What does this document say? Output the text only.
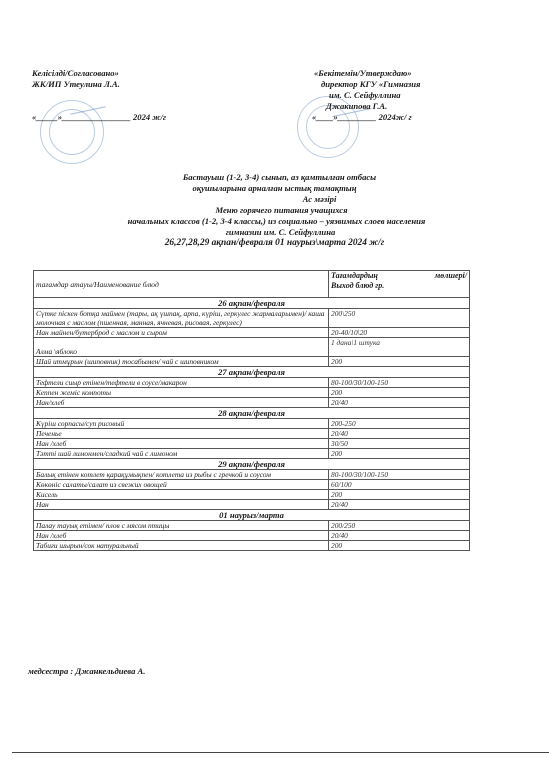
Келісілді/Согласовано»
ЖК/ИП Утеулина Л.А.
«_____»________________ 2024 ж/г
«Бекітемін/Утверждаю»
директор КГУ «Гимназия
им. С. Сейфуллина
Джакипова Г.А.
«____»_________ 2024ж/ г
Бастауыш (1-2, 3-4) сынып, аз қамтылған отбасы
оқушыларына арналған ыстық тамақтың
Ас мәзірі
Меню горячего питания учащихся
начальных классов (1-2, 3-4 классы,) из социально – уязвимых слоев населения
гимназии им. С. Сейфуллина
26,27,28,29 ақпан/февраля 01 наурыз\марта 2024 ж/г
тағамдар атауы/Наименование блюд	Тағамдардың мөлшері/
Выход блюд гр.

26 ақпан/февраля	
Сүтке піскен ботқа маймен (тары, ақ үшпақ, арпа, күріш, геркулес жармаларымен)/ каша молочная с маслом (пшенная, манная, ячневая, рисовая, геркулес)	200\250
Нан майнен/бутерброд с маслом и сыром	20-40/10\20
Алма \яблоко	1 дана\1 штука
Шай итмұрын (шиповник) тосабымен/ чай с шиповником	200
27 ақпан/февраля	
Тефтели сиыр етінен/тефтели в соусе/макарон	80-100/30/100-150
Кеппен жеміс компоты	200
Нан/хлеб	20/40
28 ақпан/февраля	
Күріш сорпасы/суп рисовый	200-250
Печенье	20/40
Нан /хлеб	30/50
Тәтті шай лимонмен/сладкий чай с лимоном	200
29 ақпан/февраля	
Балық етінен котлет қарақұмықпен/ котлета из рыбы с гречкой и соусом	80-100/30/100-150
Көкөніс салаты/салат из свежих овощей	60/100
Кисель	200
Нан	20/40
01 наурыз/марта	
Палау тауық етімен/ плов с мясом птицы	200/250
Нан /хлеб	20/40
Табиғи шырын/сок натуральный	200
медсестра : Джанкельдиева А.
